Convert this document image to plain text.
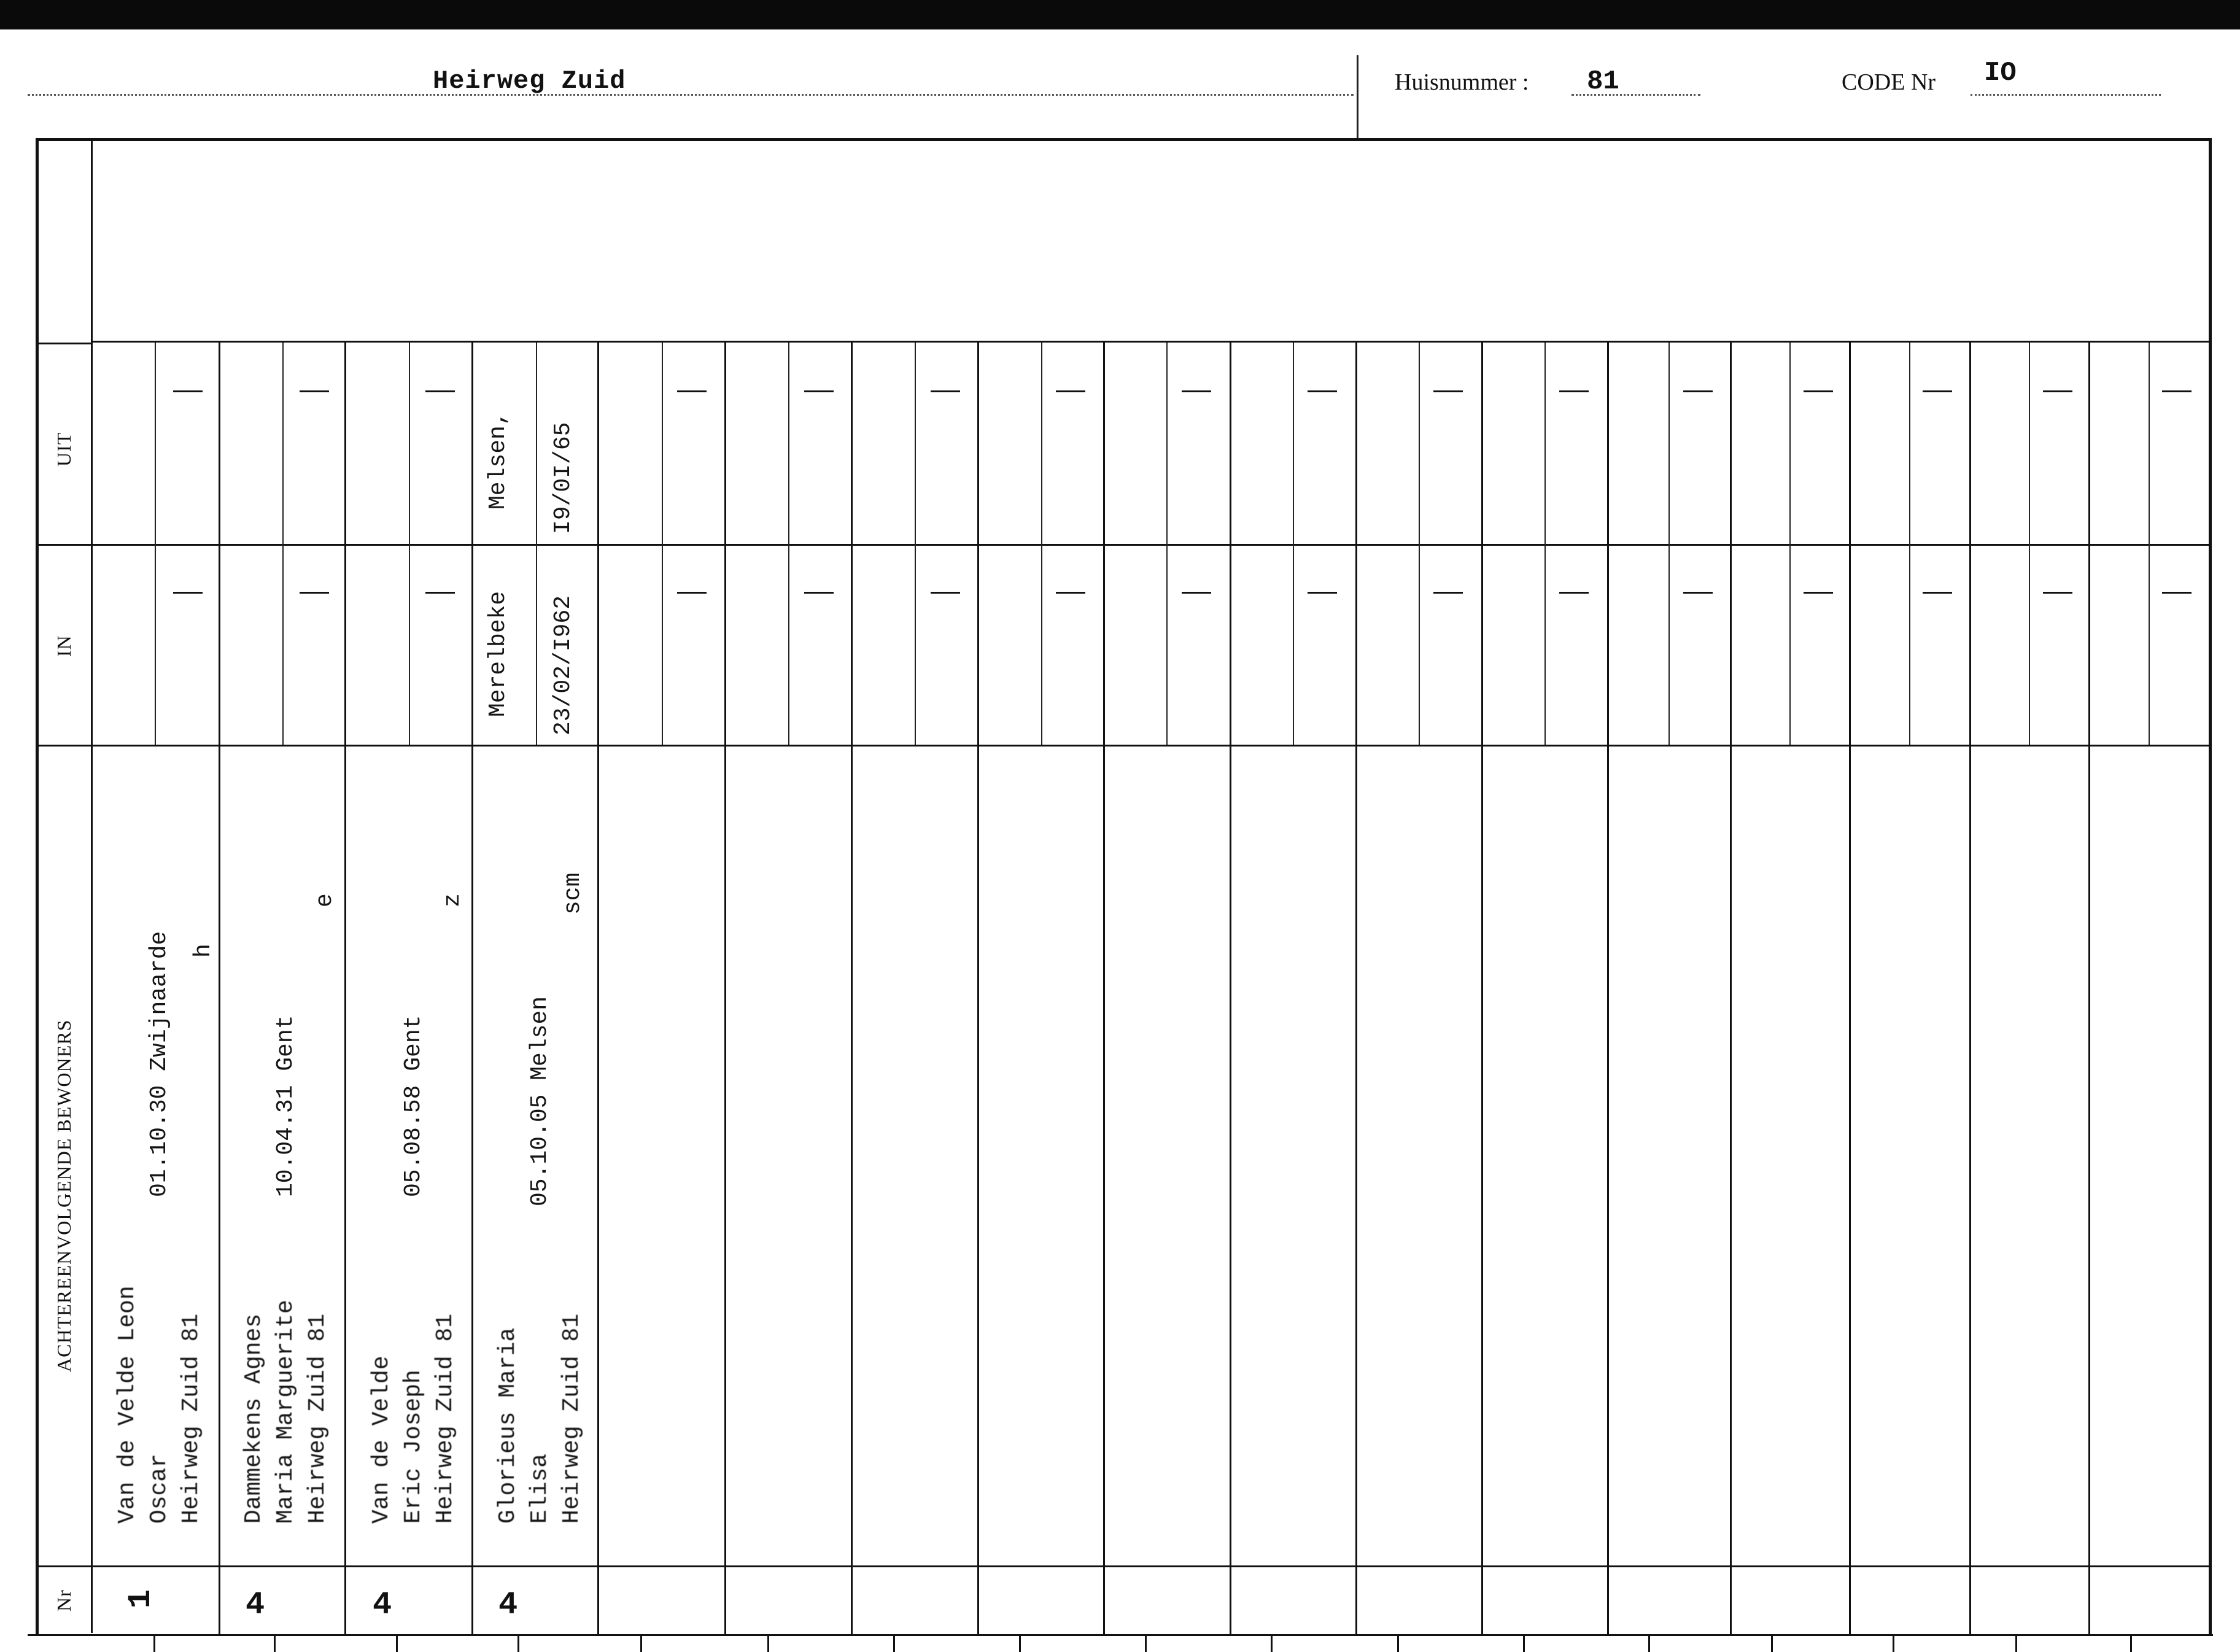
Heirweg Zuid	Huisnummer : 81	CODE Nr IO
UIT
IN
ACHTEREENVOLGENDE BEWONERS
Nr
Van de Velde Leon Oscar
01.10.30 Zwijnaarde
Heirweg Zuid 81
h
1
Dammekens Agnes Maria Marguerite
10.04.31 Gent
Heirweg Zuid 81
e
4
Van de Velde Eric Joseph
05.08.58 Gent
Heirweg Zuid 81
z
4
Glorieus Maria Elisa
05.10.05 Melsen
Heirweg Zuid 81
scm
4
Merelbeke 23/02/I962
Melsen, I9/0I/65
